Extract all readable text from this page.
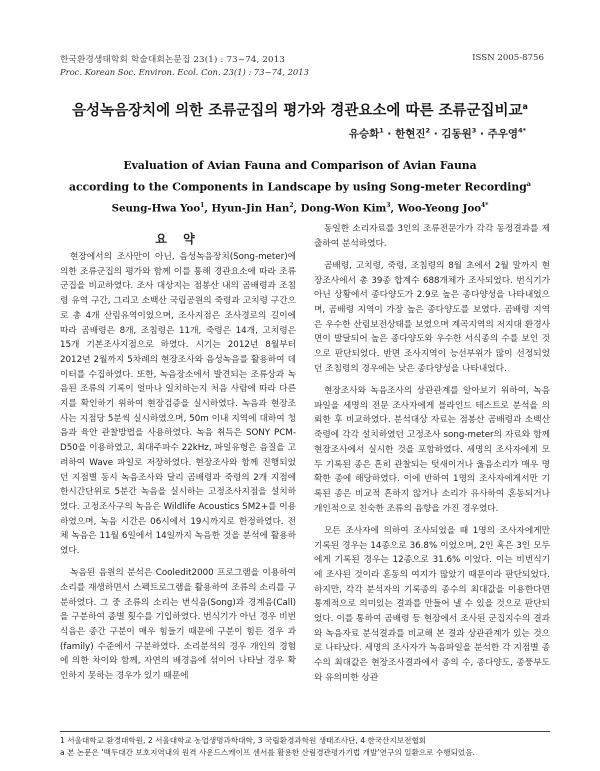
한국환경생태학회 학술대회논문집 23(1) : 73~74, 2013
Proc. Korean Soc. Environ. Ecol. Con. 23(1) : 73~74, 2013
ISSN 2005-8756
음성녹음장치에 의한 조류군집의 평가와 경관요소에 따른 조류군집비교$^a$
유승화$^1$ · 한현진$^2$ · 김동원$^3$ · 주우영$^{4*}$
Evaluation of Avian Fauna and Comparison of Avian Fauna
according to the Components in Landscape by using Song-meter Recording$^a$
Seung-Hwa Yoo$^1$, Hyun-Jin Han$^2$, Dong-Won Kim$^3$, Woo-Yeong Joo$^{4*}$
요 약

현장에서의 조사만이 아닌, 음성녹음장치(Song-meter)에 의한 조류군집의 평가와 함께 이를 통해 경관요소에 따라 조류군집을 비교하였다. 조사 대상지는 점봉산 내의 곰배령과 조침령 유역 구간, 그리고 소백산 국립공원의 죽령과 고치령 구간으로 총 4개 산림유역이었으며, 조사지점은 조사경로의 길이에 따라 곰배령은 8개, 조침령은 11개, 죽령은 14개, 고치령은 15개 기본조사지점으로 하였다. 시기는 2012년 8월부터 2012년 2월까지 5차례의 현장조사와 음성녹음를 활용하여 데이터를 수집하였다. 또한, 녹음장소에서 발견되는 조류상과 녹음된 조류의 기록이 얼마나 일치하는지 처음 사람에 따라 다른지를 확인하기 위하여 현장검증을 실시하였다. 녹음과 현장조사는 지점당 5분씩 실시하였으며, 50m 이내 지역에 대하여 청음과 육안 관찰방법을 사용하였다. 녹음 취득은 SONY PCM-D50을 이용하였고, 최대주파수 22kHz, 파일유형은 음질을 고려하여 Wave 파일로 저장하였다. 현장조사와 함께 진행되었던 지점별 동시 녹음조사와 달리 곰배령과 죽령의 2개 지점에 한시간단위로 5분간 녹음을 실시하는 고정조사지점을 설치하였다. 고정조사구의 녹음은 Wildlife Acoustics SM2+를 이용하였으며, 녹음 시간은 06시에서 19시까지로 한정하였다. 전체 녹음은 11월 6일에서 14일까지 녹음한 것을 분석에 활용하였다.

녹음된 음원의 분석은 Cooledit2000 프로그램을 이용하여 소리를 재생하면서 스펙트로그램을 활용하여 조류의 소리를 구분하였다. 그 중 조류의 소리는 번식음(Song)과 경계음(Call)을 구분하여 종별 횟수를 기입하였다. 번식기가 아닌 경우 비번식음은 종간 구분이 매우 힘들기 때문에 구분이 힘든 경우 과(family) 수준에서 구분하였다. 소리분석의 경우 개인의 경험에 의한 차이와 함께, 자연의 배경음에 섞이어 나타날 경우 확인하지 못하는 경우가 있기 때문에

동일한 소리자료를 3인의 조류전문가가 각각 동정결과를 제출하여 분석하였다.

곰배령, 고치령, 죽령, 조침령의 8월 초에서 2월 말까지 현장조사에서 총 39종 합계수 688개체가 조사되었다. 번식기가 아닌 상황에서 종다양도가 2.9로 높은 종다양성을 나타내었으며, 곰배령 지역이 가장 높은 종다양도를 보였다. 곰배령 지역은 우수한 산림보전상태를 보였으며 계곡지역의 저지대 환경사면이 발달되어 높은 종다양도와 우수한 서식종의 수를 보인 것으로 판단되었다. 반면 조사지역이 능선부위가 많이 선정되었던 조침령의 경우에는 낮은 종다양성을 나타내었다.

현장조사와 녹음조사의 상관관계를 알아보기 위하여, 녹음 파일을 세명의 전문 조사자에게 블라인드 테스트로 분석을 의뢰한 후 비교하였다. 분석대상 자료는 점봉산 곰배령과 소백산 죽령에 각각 설치하였던 고정조사 song-meter의 자료와 함께 현장조사에서 실시한 것을 포함하였다. 세명의 조사자에게 모두 기록된 종은 흔히 관찰되는 텃새이거나 울음소리가 매우 명확한 종에 해당하였다. 이에 반하여 1명의 조사자에게서만 기록된 종은 비교적 흔하지 않거나 소리가 유사하여 혼동되거나 개인적으로 친숙한 조류의 음향을 가진 경우였다.

모든 조사자에 의하여 조사되었을 때 1명의 조사자에게만 기록된 경우는 14종으로 36.8% 이었으며, 2인 혹은 3인 모두에게 기록된 경우는 12종으로 31.6% 이었다. 이는 비번식기에 조사된 것이라 혼동의 여지가 많았기 때문이라 판단되었다. 하지만, 각각 분석자의 기록종의 종수의 최대값을 이용한다면 통계적으로 의미있는 결과를 만들어 낼 수 있을 것으로 판단되었다. 이를 통하여 곰배령 등 현장에서 조사된 군집지수의 결과와 녹음자료 분석결과를 비교해 본 결과 상관관계가 있는 것으로 나타났다. 세명의 조사자가 녹음파일을 분석한 각 지점별 종 수의 최대값은 현장조사결과에서 종의 수, 종다양도, 종풍부도와 유의미한 상관

1 서울대학교 환경대학원, 2 서울대학교 농업생명과학대학, 3 국립환경과학원 생태조사단, 4 한국산지보전협회
a 본 논문은 ‘백두대간 보호지역내의 원격 사운드스케이프 센서를 활용한 산림경관평가기법 개발’연구의 일환으로 수행되었음.
